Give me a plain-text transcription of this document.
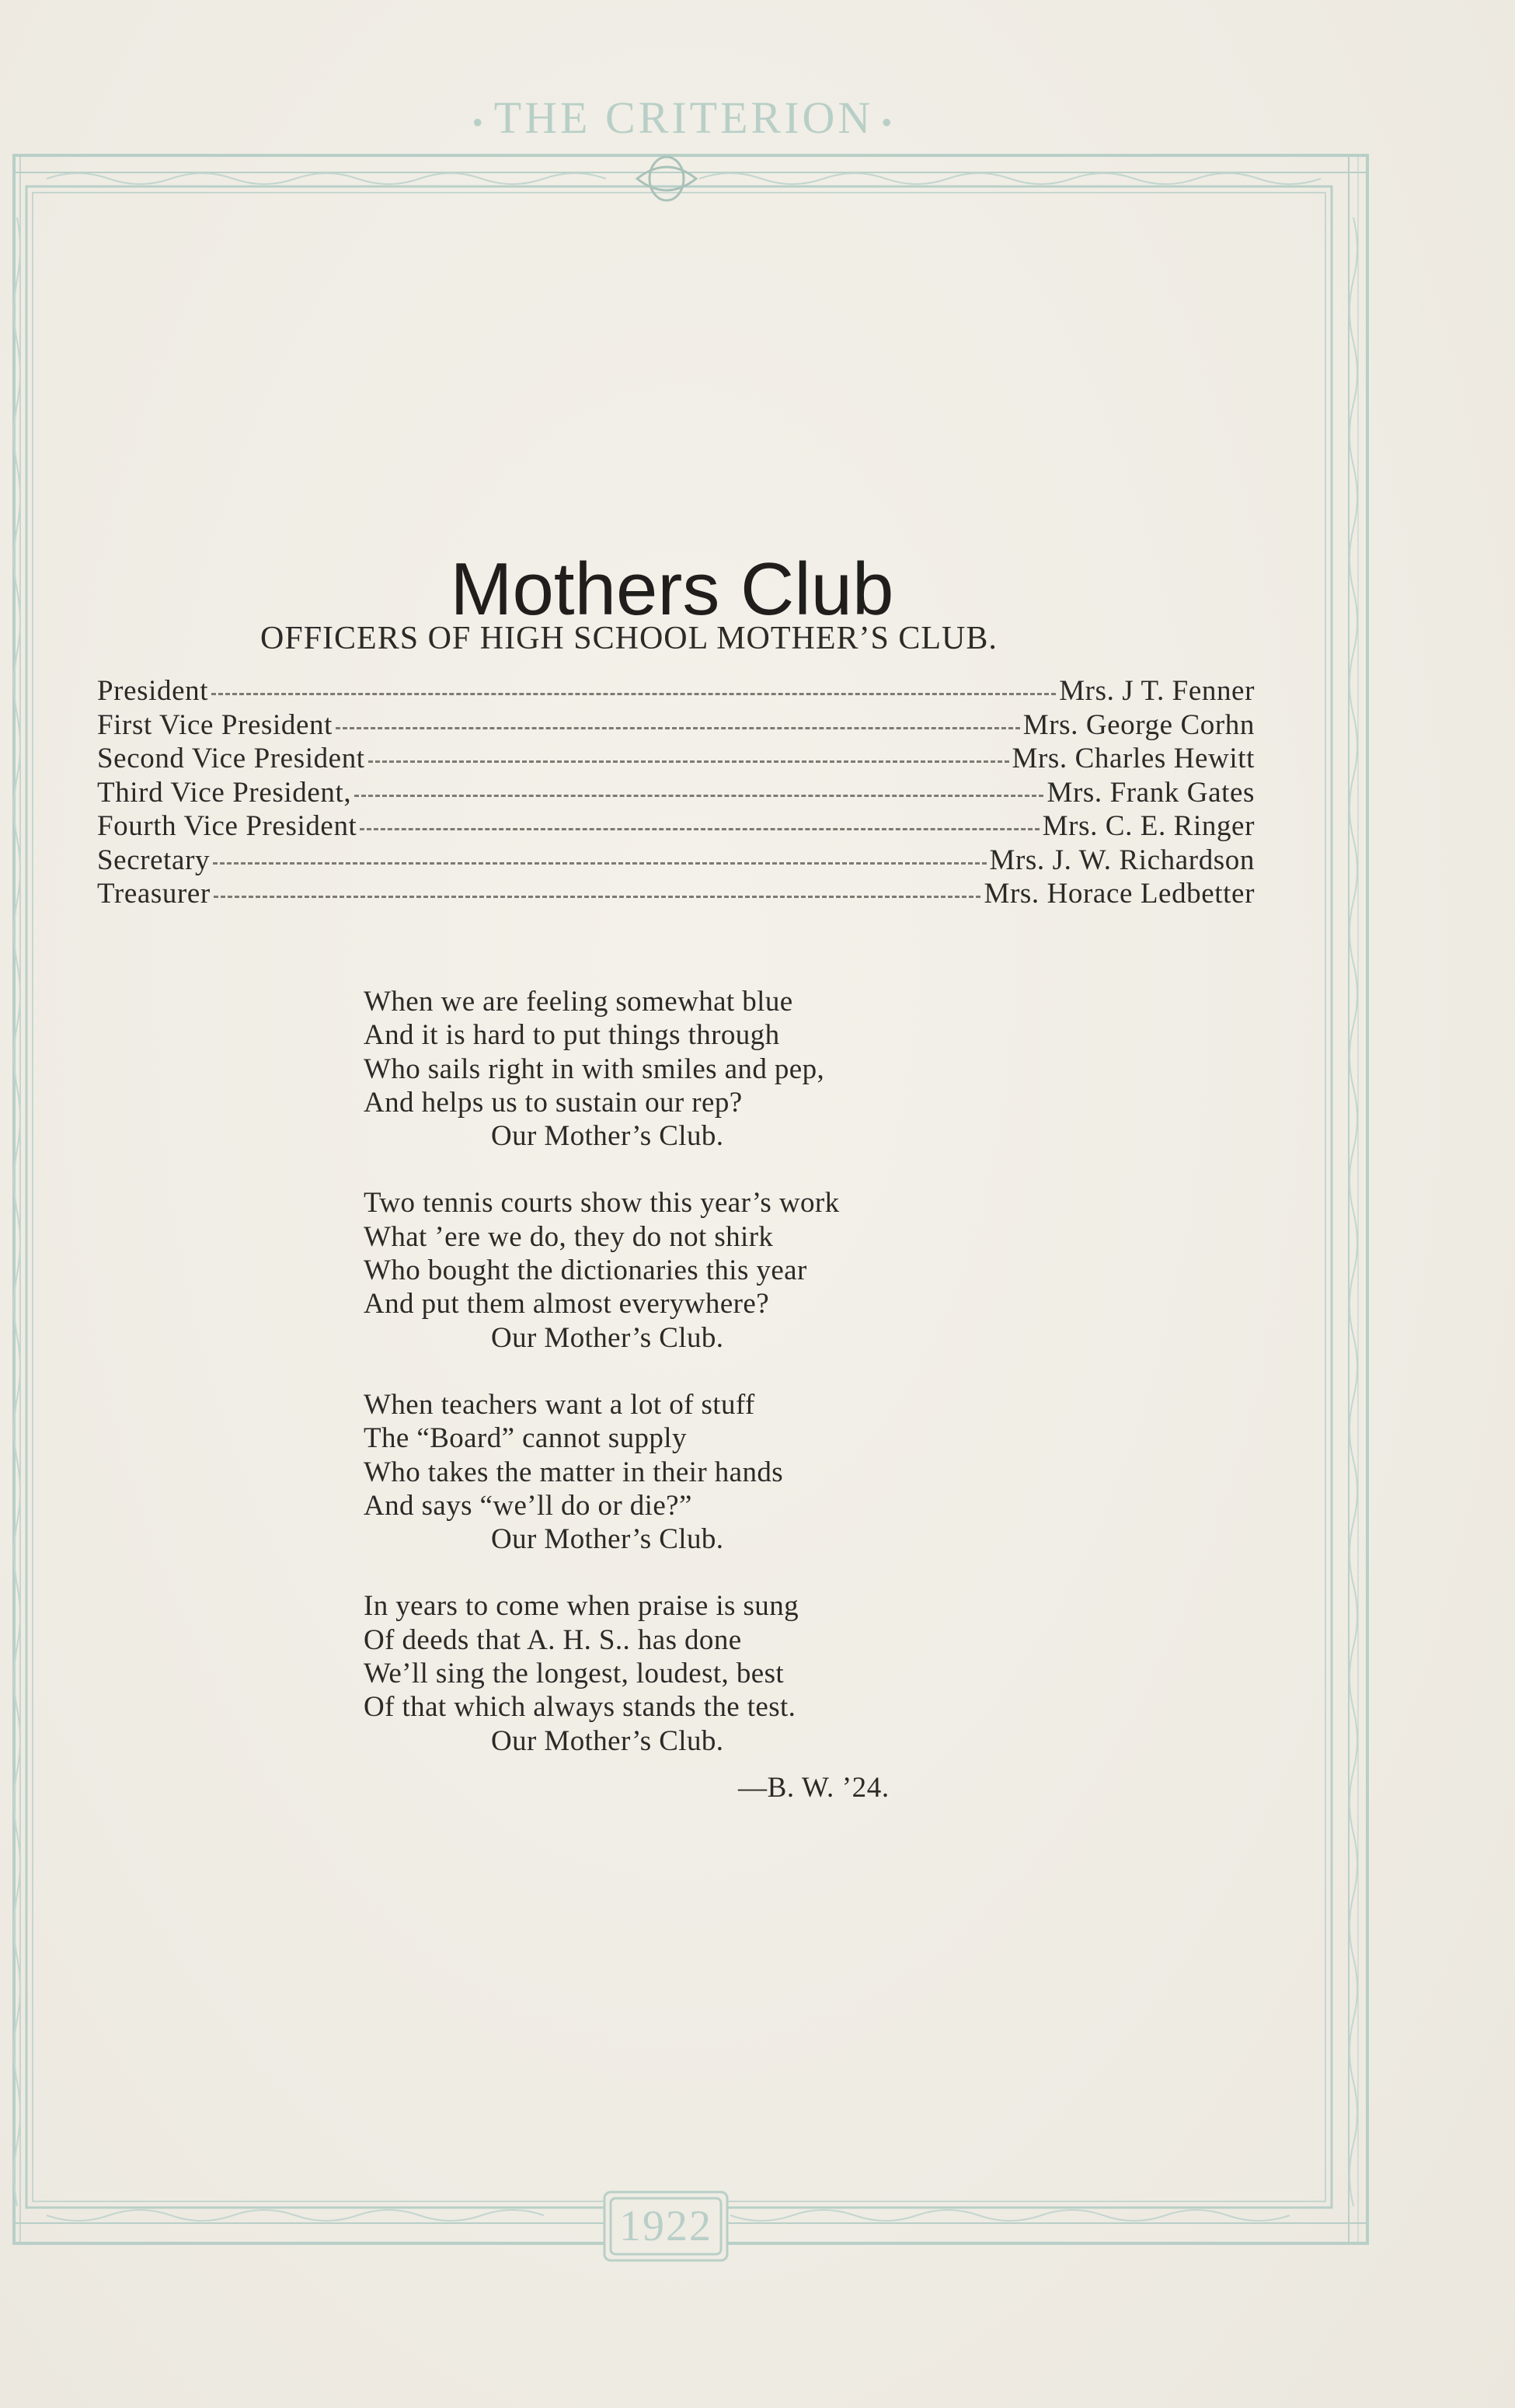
• THE CRITERION •
1922
Mothers Club
OFFICERS OF HIGH SCHOOL MOTHER’S CLUB.
President	Mrs. J T. Fenner
First Vice President	Mrs. George Corhn
Second Vice President	Mrs. Charles Hewitt
Third Vice President,	Mrs. Frank Gates
Fourth Vice President	Mrs. C. E. Ringer
Secretary	Mrs. J. W. Richardson
Treasurer	Mrs. Horace Ledbetter
When we are feeling somewhat blue
And it is hard to put things through
Who sails right in with smiles and pep,
And helps us to sustain our rep?
Our Mother’s Club.
Two tennis courts show this year’s work
What ’ere we do, they do not shirk
Who bought the dictionaries this year
And put them almost everywhere?
Our Mother’s Club.
When teachers want a lot of stuff
The “Board” cannot supply
Who takes the matter in their hands
And says “we’ll do or die?”
Our Mother’s Club.
In years to come when praise is sung
Of deeds that A. H. S.. has done
We’ll sing the longest, loudest, best
Of that which always stands the test.
Our Mother’s Club.
—B. W. ’24.
